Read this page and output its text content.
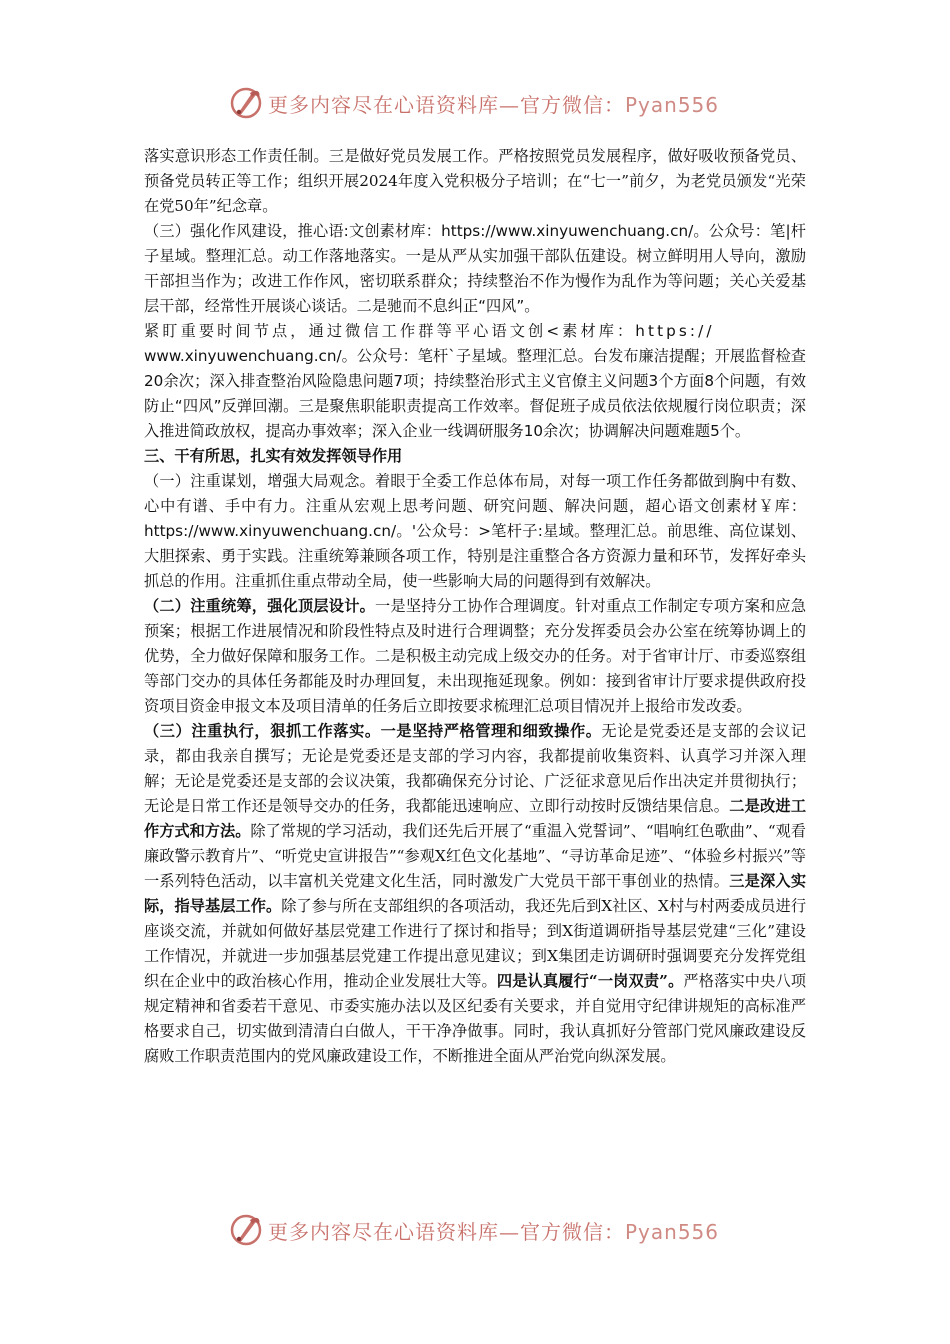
更多内容尽在心语资料库—官方微信：Pyan556

落实意识形态工作责任制。三是做好党员发展工作。严格按照党员发展程序，做好吸收预备党员、预备党员转正等工作；组织开展2024年度入党积极分子培训；在“七一”前夕，为老党员颁发“光荣在党50年”纪念章。

（三）强化作风建设，推心语:文创素材库：https://www.xinyuwenchuang.cn/。公众号：笔|杆子星域。整理汇总。动工作落地落实。一是从严从实加强干部队伍建设。树立鲜明用人导向，激励干部担当作为；改进工作作风，密切联系群众；持续整治不作为慢作为乱作为等问题；关心关爱基层干部，经常性开展谈心谈话。二是驰而不息纠正“四风”。

紧盯重要时间节点，通过微信工作群等平心语文创<素材库：https://

www.xinyuwenchuang.cn/。公众号：笔杆`子星域。整理汇总。台发布廉洁提醒；开展监督检查20余次；深入排查整治风险隐患问题7项；持续整治形式主义官僚主义问题3个方面8个问题，有效防止“四风”反弹回潮。三是聚焦职能职责提高工作效率。督促班子成员依法依规履行岗位职责；深入推进简政放权，提高办事效率；深入企业一线调研服务10余次；协调解决问题难题5个。

三、干有所思，扎实有效发挥领导作用

（一）注重谋划，增强大局观念。着眼于全委工作总体布局，对每一项工作任务都做到胸中有数、心中有谱、手中有力。注重从宏观上思考问题、研究问题、解决问题，超心语文创素材￥库：https://www.xinyuwenchuang.cn/。'公众号：>笔杆子:星域。整理汇总。前思维、高位谋划、大胆探索、勇于实践。注重统筹兼顾各项工作，特别是注重整合各方资源力量和环节，发挥好牵头抓总的作用。注重抓住重点带动全局，使一些影响大局的问题得到有效解决。

（二）注重统筹，强化顶层设计。一是坚持分工协作合理调度。针对重点工作制定专项方案和应急预案；根据工作进展情况和阶段性特点及时进行合理调整；充分发挥委员会办公室在统筹协调上的优势，全力做好保障和服务工作。二是积极主动完成上级交办的任务。对于省审计厅、市委巡察组等部门交办的具体任务都能及时办理回复，未出现拖延现象。例如：接到省审计厅要求提供政府投资项目资金申报文本及项目清单的任务后立即按要求梳理汇总项目情况并上报给市发改委。

（三）注重执行，狠抓工作落实。一是坚持严格管理和细致操作。无论是党委还是支部的会议记录，都由我亲自撰写；无论是党委还是支部的学习内容，我都提前收集资料、认真学习并深入理解；无论是党委还是支部的会议决策，我都确保充分讨论、广泛征求意见后作出决定并贯彻执行；无论是日常工作还是领导交办的任务，我都能迅速响应、立即行动按时反馈结果信息。二是改进工作方式和方法。除了常规的学习活动，我们还先后开展了“重温入党誓词”、“唱响红色歌曲”、“观看廉政警示教育片”、“听党史宣讲报告”“参观X红色文化基地”、“寻访革命足迹”、“体验乡村振兴”等一系列特色活动，以丰富机关党建文化生活，同时激发广大党员干部干事创业的热情。三是深入实际，指导基层工作。除了参与所在支部组织的各项活动，我还先后到X社区、X村与村两委成员进行座谈交流，并就如何做好基层党建工作进行了探讨和指导；到X街道调研指导基层党建“三化”建设工作情况，并就进一步加强基层党建工作提出意见建议；到X集团走访调研时强调要充分发挥党组织在企业中的政治核心作用，推动企业发展壮大等。四是认真履行“一岗双责”。严格落实中央八项规定精神和省委若干意见、市委实施办法以及区纪委有关要求，并自觉用守纪律讲规矩的高标准严格要求自己，切实做到清清白白做人，干干净净做事。同时，我认真抓好分管部门党风廉政建设反腐败工作职责范围内的党风廉政建设工作，不断推进全面从严治党向纵深发展。

更多内容尽在心语资料库—官方微信：Pyan556
